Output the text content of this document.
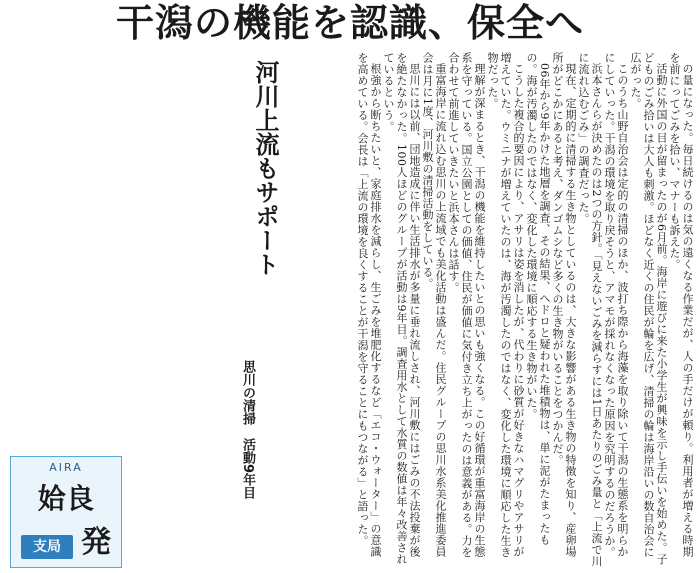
干潟の機能を認識、保全へ

の量になった。毎日続けるのは気の遠くなる作業だが、人の手だけが頼り。利用者が増える時期を前にってごみを拾い、マナーも訴えた。

活動に外国の目が留まったのが6月前。海岸に遊びに来た小学生が興味を示し手伝いを始めた。子どものごみ拾いは大人も刺激。ほどなく近くの住民が輪を広げ、清掃の輪は海岸沿いの数自治会に広がった。

このうち山野自治会は定的の清掃のほか、波打ち際から海藻を取り除いて干潟の生態系を明らかにしていった。干潟の環境を取り戻そうと、アマモが採れなくなった原因を究明するのだろうか。

浜本さんらが決めたのは2つの方針。「見えないごみを減らすには1日あたりのごみ量と「上流で川に流れ込むごみ」の調査だった。

現在、定期的に清掃する生き物としているのは、大きな影響がある生き物の特徴を知り、産卵場所がどこかにあると考え、ダンゴムシなど多くの生き物がいることをつかんだ。

06年から9年かけた地層を調査、その結果、へドロと疑われた堆積物は、単に泥がたまったもの。海が汚濁したのではなく、変化した環境に順応する生き物がいた。

こうした複合的要因により、アサリは姿を消したが、代わりに砂質が好きなハマグリやアサリが増えていた。ウミニナが増えていたのは、海が汚濁したのではなく、変化した環境に順応した生き物だった。

理解が深まるとき、干潟の機能を維持したいとの思いも強くなる。この好循環が重富海岸の生態系を守っている。国立公園としての価値、住民が価値に気付き立ち上がったのは意義がある。力を合わせて前進していきたいと浜本さんは話す。

重富海岸に流れ込む思川の上流域でも美化活動は盛んだ。住民グループの思川水系美化推進委員会は月に1度、河川敷の清掃活動をしている。

思川には以前、団地造成に伴い生活排水が多量に垂れ流しされ、河川敷にはごみの不法投棄が後を絶たなかった。100人ほどのグループが活動は9年目。調査用水として水質の数値は年々改善されているという。

根強から断ちたいと、家庭排水を減らし、生ごみを堆肥化するなど「エコ・ウォーター」の意識を高めている。会長は「上流の環境を良くすることが干潟を守ることにもつながる」と語った。

河川上流もサポート
思川の清掃　活動9年目
AIRA
姶良
支局 発
